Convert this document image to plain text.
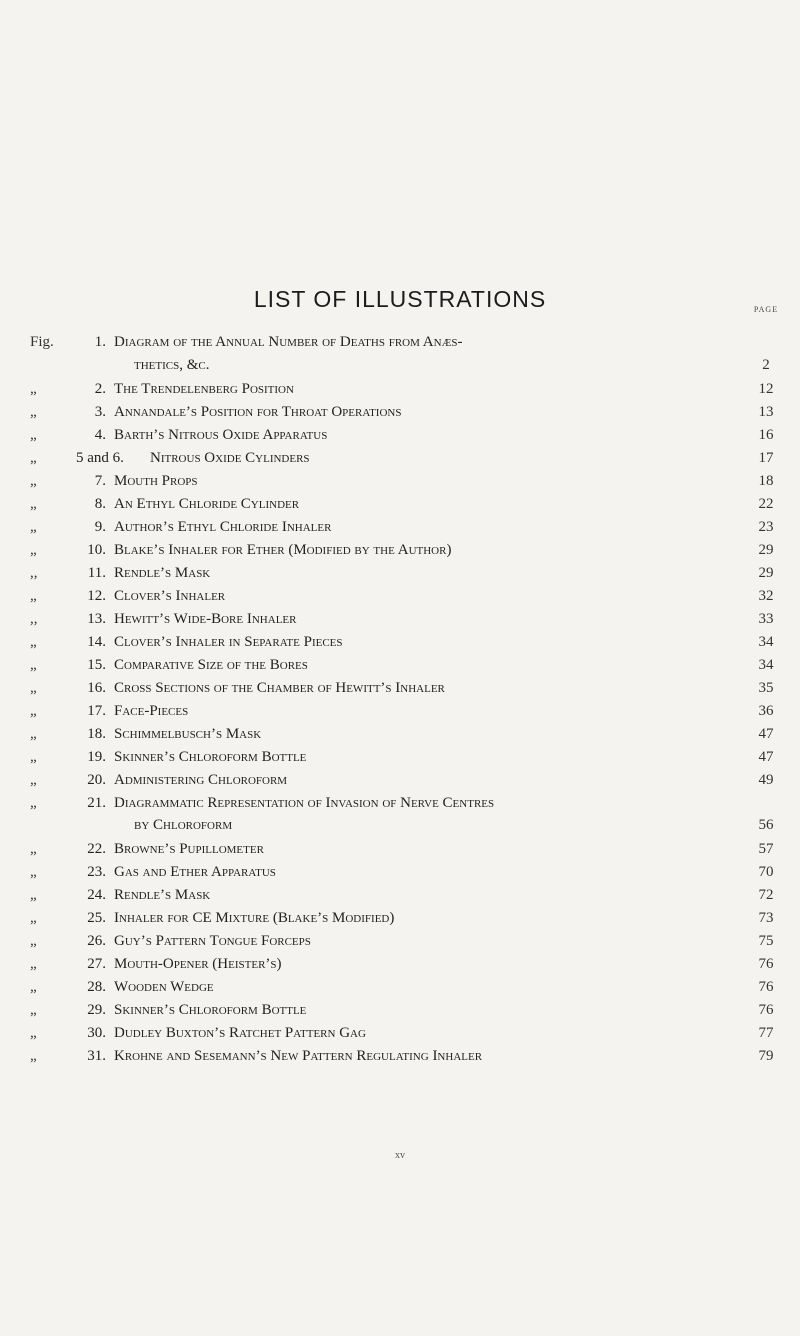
LIST OF ILLUSTRATIONS	PAGE
Fig.	1. Diagram of the Annual Number of Deaths from Anæs-
thetics, &c.	2
„	2. The Trendelenberg Position	12
„	3. Annandale’s Position for Throat Operations	13
„	4. Barth’s Nitrous Oxide Apparatus	16
„	5 and 6.	Nitrous Oxide Cylinders	17
„	7. Mouth Props	18
„	8. An Ethyl Chloride Cylinder	22
„	9. Author’s Ethyl Chloride Inhaler	23
„	10. Blake’s Inhaler for Ether (Modified by the Author)	29
,,	11. Rendle’s Mask	29
„	12. Clover’s Inhaler	32
,,	13. Hewitt’s Wide-Bore Inhaler	33
„	14. Clover’s Inhaler in Separate Pieces	34
„	15. Comparative Size of the Bores	34
„	16. Cross Sections of the Chamber of Hewitt’s Inhaler	35
„	17. Face-Pieces	36
„	18. Schimmelbusch’s Mask	47
„	19. Skinner’s Chloroform Bottle	47
„	20. Administering Chloroform	49
„	21. Diagrammatic Representation of Invasion of Nerve Centres
by Chloroform	56
„	22. Browne’s Pupillometer	57
„	23. Gas and Ether Apparatus	70
„	24. Rendle’s Mask	72
„	25. Inhaler for CE Mixture (Blake’s Modified)	73
„	26. Guy’s Pattern Tongue Forceps	75
„	27. Mouth-Opener (Heister’s)	76
„	28. Wooden Wedge	76
„	29. Skinner’s Chloroform Bottle	76
„	30. Dudley Buxton’s Ratchet Pattern Gag	77
„	31. Krohne and Sesemann’s New Pattern Regulating Inhaler	79
xv
